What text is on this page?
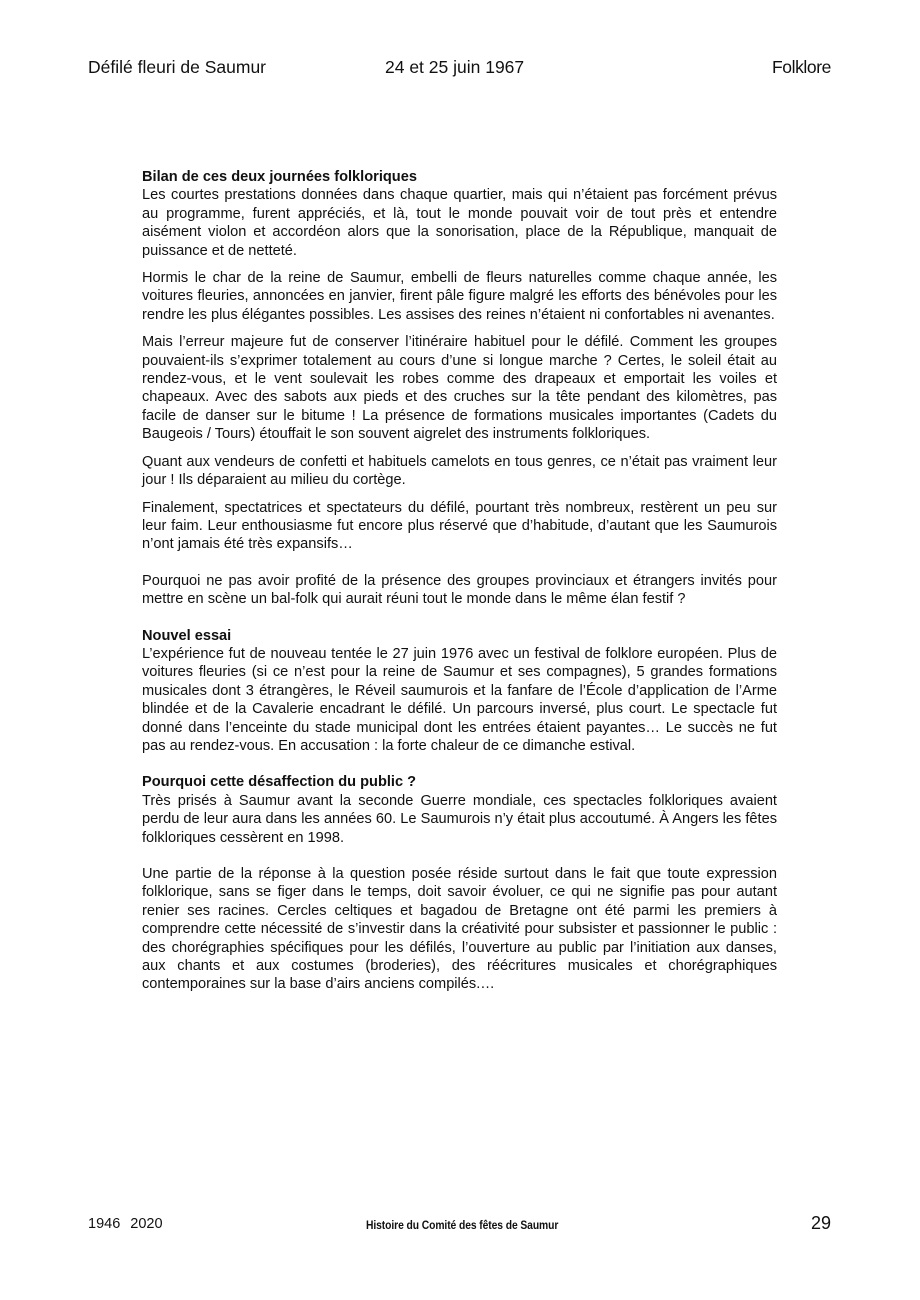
Défilé fleuri de Saumur	24 et 25 juin 1967	Folklore
Bilan de ces deux journées folkloriques

Les courtes prestations données dans chaque quartier, mais qui n’étaient pas forcément prévus au programme, furent appréciés, et là, tout le monde pouvait voir de tout près et entendre aisément violon et accordéon alors que la sonorisation, place de la République, manquait de puissance et de netteté.

Hormis le char de la reine de Saumur, embelli de fleurs naturelles comme chaque année, les voitures fleuries, annoncées en janvier, firent pâle figure malgré les efforts des bénévoles pour les rendre les plus élégantes possibles. Les assises des reines n’étaient ni confortables ni avenantes.

Mais l’erreur majeure fut de conserver l’itinéraire habituel pour le défilé. Comment les groupes pouvaient-ils s’exprimer totalement au cours d’une si longue marche ? Certes, le soleil était au rendez-vous, et le vent soulevait les robes comme des drapeaux et emportait les voiles et chapeaux. Avec des sabots aux pieds et des cruches sur la tête pendant des kilomètres, pas facile de danser sur le bitume ! La présence de formations musicales importantes (Cadets du Baugeois / Tours) étouffait le son souvent aigrelet des instruments folkloriques.

Quant aux vendeurs de confetti et habituels camelots en tous genres, ce n’était pas vraiment leur jour ! Ils déparaient au milieu du cortège.

Finalement, spectatrices et spectateurs du défilé, pourtant très nombreux, restèrent un peu sur leur faim. Leur enthousiasme fut encore plus réservé que d’habitude, d’autant que les Saumurois n’ont jamais été très expansifs…

Pourquoi ne pas avoir profité de la présence des groupes provinciaux et étrangers invités pour mettre en scène un bal-folk qui aurait réuni tout le monde dans le même élan festif ?

Nouvel essai

L’expérience fut de nouveau tentée le 27 juin 1976 avec un festival de folklore européen. Plus de voitures fleuries (si ce n’est pour la reine de Saumur et ses compagnes), 5 grandes formations musicales dont 3 étrangères, le Réveil saumurois et la fanfare de l’École d’application de l’Arme blindée et de la Cavalerie encadrant le défilé. Un parcours inversé, plus court. Le spectacle fut donné dans l’enceinte du stade municipal dont les entrées étaient payantes… Le succès ne fut pas au rendez-vous. En accusation : la forte chaleur de ce dimanche estival.

Pourquoi cette désaffection du public ?

Très prisés à Saumur avant la seconde Guerre mondiale, ces spectacles folkloriques avaient perdu de leur aura dans les années 60. Le Saumurois n’y était plus accoutumé. À Angers les fêtes folkloriques cessèrent en 1998.

Une partie de la réponse à la question posée réside surtout dans le fait que toute expression folklorique, sans se figer dans le temps, doit savoir évoluer, ce qui ne signifie pas pour autant renier ses racines. Cercles celtiques et bagadou de Bretagne ont été parmi les premiers à comprendre cette nécessité de s’investir dans la créativité pour subsister et passionner le public : des chorégraphies spécifiques pour les défilés, l’ouverture au public par l’initiation aux danses, aux chants et aux costumes (broderies), des réécritures musicales et chorégraphiques contemporaines sur la base d’airs anciens compilés.…

1946 2020	Histoire du Comité des fêtes de Saumur	29
